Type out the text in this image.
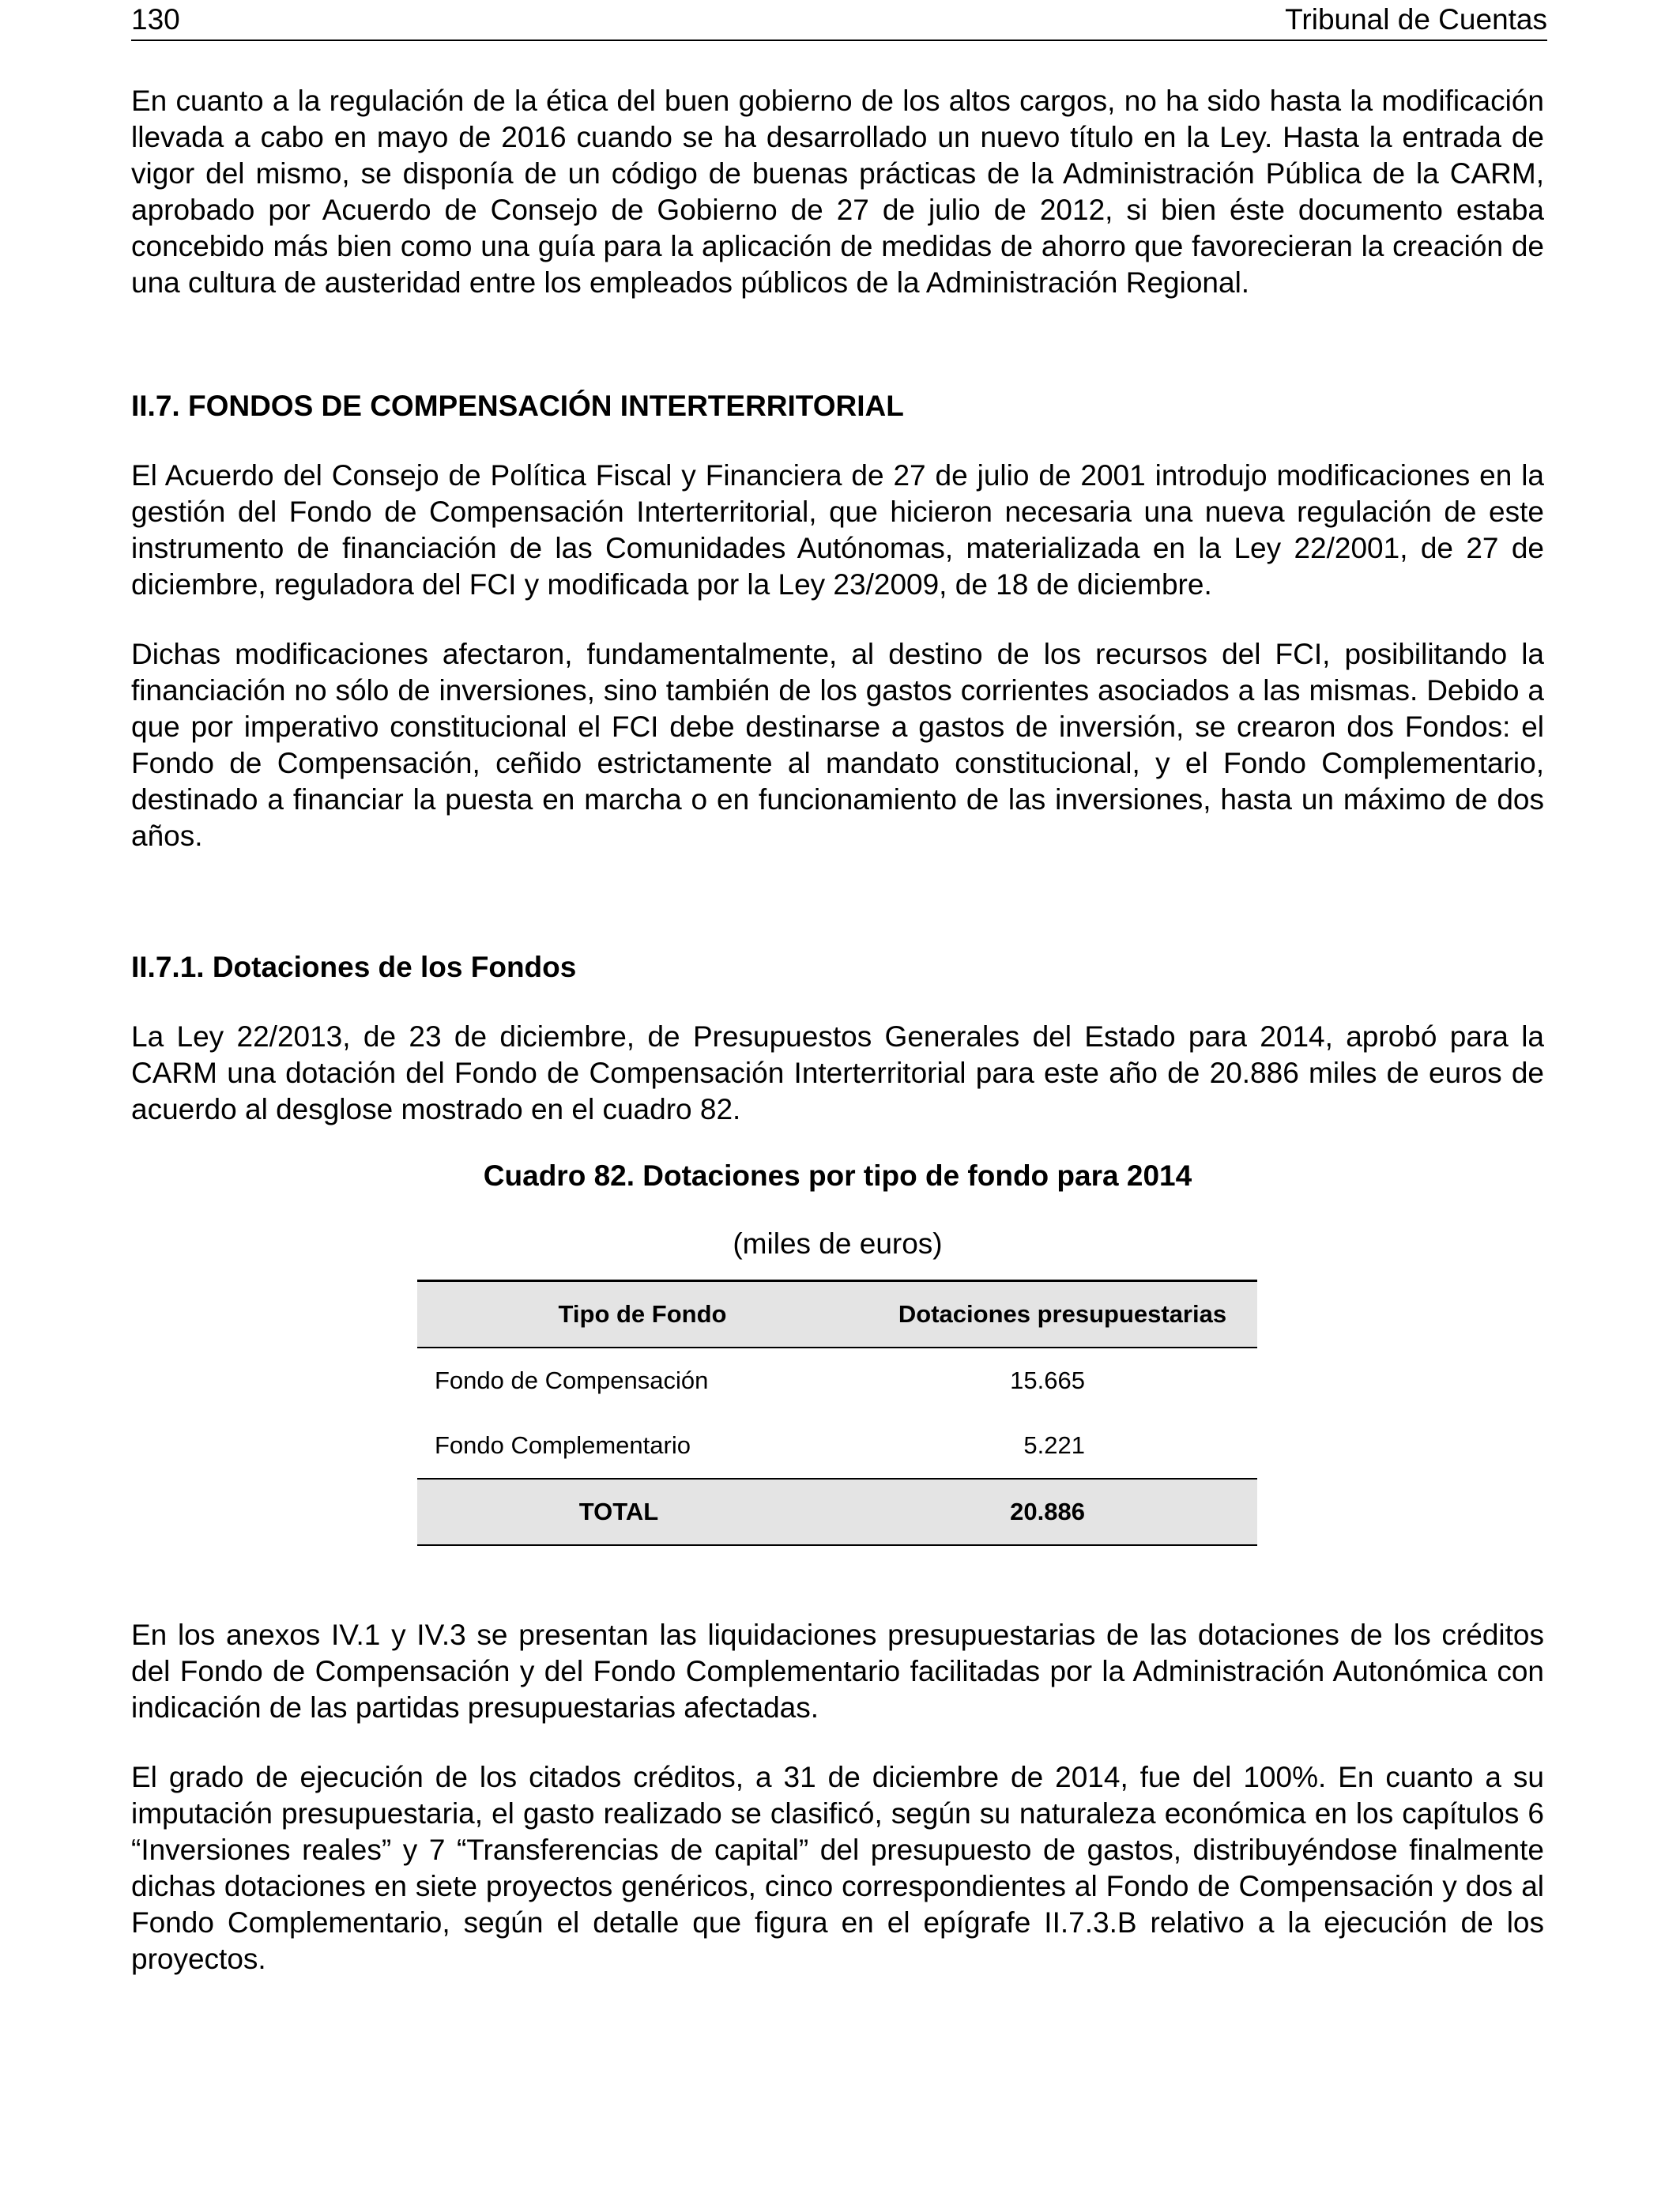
130	Tribunal de Cuentas

En cuanto a la regulación de la ética del buen gobierno de los altos cargos, no ha sido hasta la modificación llevada a cabo en mayo de 2016 cuando se ha desarrollado un nuevo título en la Ley. Hasta la entrada de vigor del mismo, se disponía de un código de buenas prácticas de la Administración Pública de la CARM, aprobado por Acuerdo de Consejo de Gobierno de 27 de julio de 2012, si bien éste documento estaba concebido más bien como una guía para la aplicación de medidas de ahorro que favorecieran la creación de una cultura de austeridad entre los empleados públicos de la Administración Regional.

II.7. FONDOS DE COMPENSACIÓN INTERTERRITORIAL

El Acuerdo del Consejo de Política Fiscal y Financiera de 27 de julio de 2001 introdujo modificaciones en la gestión del Fondo de Compensación Interterritorial, que hicieron necesaria una nueva regulación de este instrumento de financiación de las Comunidades Autónomas, materializada en la Ley 22/2001, de 27 de diciembre, reguladora del FCI y modificada por la Ley 23/2009, de 18 de diciembre.

Dichas modificaciones afectaron, fundamentalmente, al destino de los recursos del FCI, posibilitando la financiación no sólo de inversiones, sino también de los gastos corrientes asociados a las mismas. Debido a que por imperativo constitucional el FCI debe destinarse a gastos de inversión, se crearon dos Fondos: el Fondo de Compensación, ceñido estrictamente al mandato constitucional, y el Fondo Complementario, destinado a financiar la puesta en marcha o en funcionamiento de las inversiones, hasta un máximo de dos años.

II.7.1. Dotaciones de los Fondos

La Ley 22/2013, de 23 de diciembre, de Presupuestos Generales del Estado para 2014, aprobó para la CARM una dotación del Fondo de Compensación Interterritorial para este año de 20.886 miles de euros de acuerdo al desglose mostrado en el cuadro 82.

Cuadro 82. Dotaciones por tipo de fondo para 2014
(miles de euros)
Tipo de Fondo	Dotaciones presupuestarias
Fondo de Compensación	15.665
Fondo Complementario	5.221
TOTAL	20.886

En los anexos IV.1 y IV.3 se presentan las liquidaciones presupuestarias de las dotaciones de los créditos del Fondo de Compensación y del Fondo Complementario facilitadas por la Administración Autonómica con indicación de las partidas presupuestarias afectadas.

El grado de ejecución de los citados créditos, a 31 de diciembre de 2014, fue del 100%. En cuanto a su imputación presupuestaria, el gasto realizado se clasificó, según su naturaleza económica en los capítulos 6 “Inversiones reales” y 7 “Transferencias de capital” del presupuesto de gastos, distribuyéndose finalmente dichas dotaciones en siete proyectos genéricos, cinco correspondientes al Fondo de Compensación y dos al Fondo Complementario, según el detalle que figura en el epígrafe II.7.3.B relativo a la ejecución de los proyectos.
